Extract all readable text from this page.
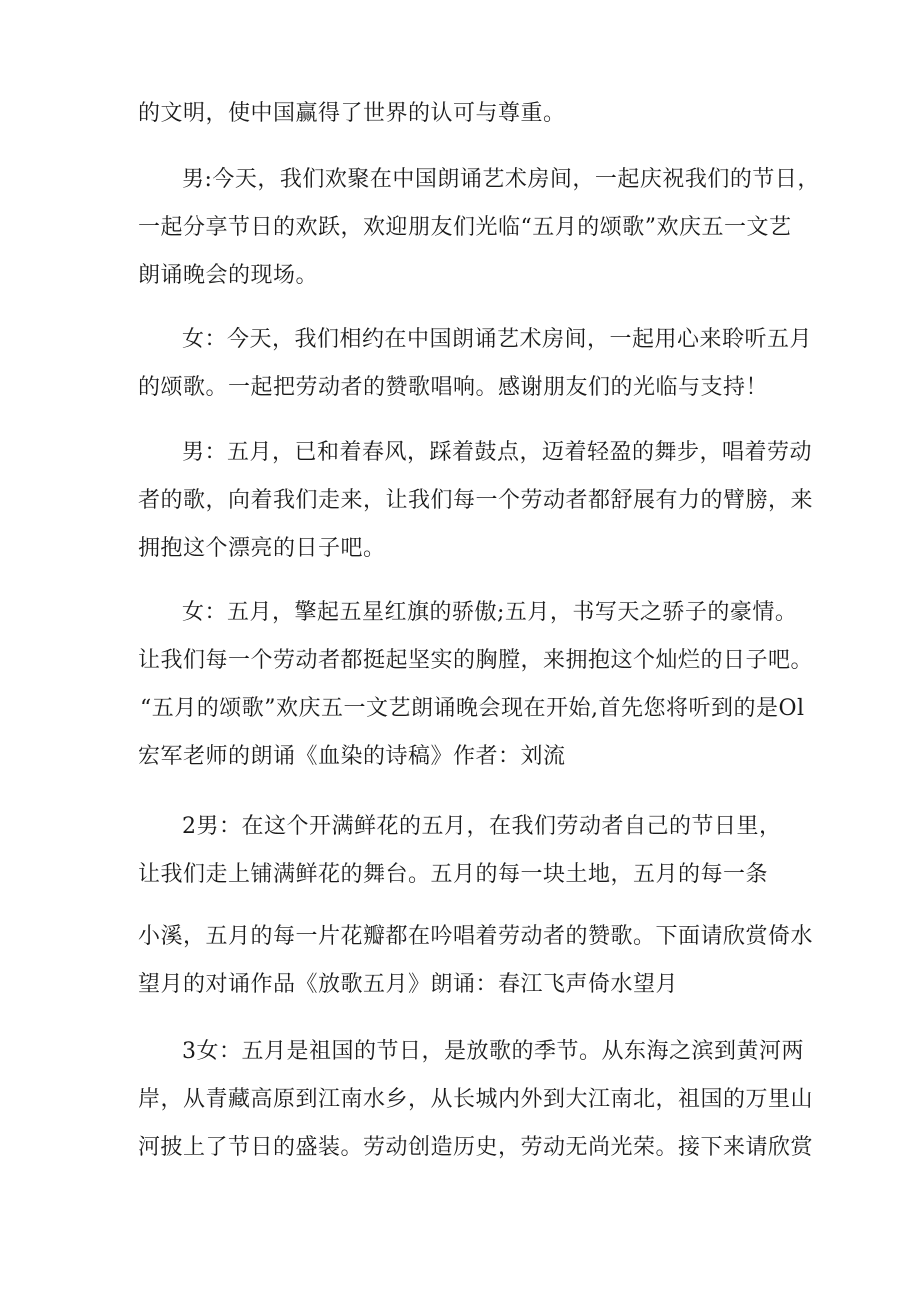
的文明，使中国赢得了世界的认可与尊重。
男:今天，我们欢聚在中国朗诵艺术房间，一起庆祝我们的节日，
一起分享节日的欢跃，欢迎朋友们光临“五月的颂歌”欢庆五一文艺
朗诵晚会的现场。
女：今天，我们相约在中国朗诵艺术房间，一起用心来聆听五月
的颂歌。一起把劳动者的赞歌唱响。感谢朋友们的光临与支持！
男：五月，已和着春风，踩着鼓点，迈着轻盈的舞步，唱着劳动
者的歌，向着我们走来，让我们每一个劳动者都舒展有力的臂膀，来
拥抱这个漂亮的日子吧。
女：五月，擎起五星红旗的骄傲;五月，书写天之骄子的豪情。
让我们每一个劳动者都挺起坚实的胸膛，来拥抱这个灿烂的日子吧。
“五月的颂歌”欢庆五一文艺朗诵晚会现在开始,首先您将听到的是Ol
宏军老师的朗诵《血染的诗稿》作者：刘流
2男：在这个开满鲜花的五月，在我们劳动者自己的节日里，
让我们走上铺满鲜花的舞台。五月的每一块土地，五月的每一条
小溪，五月的每一片花瓣都在吟唱着劳动者的赞歌。下面请欣赏倚水
望月的对诵作品《放歌五月》朗诵：春江飞声倚水望月
3女：五月是祖国的节日，是放歌的季节。从东海之滨到黄河两
岸，从青藏高原到江南水乡，从长城内外到大江南北，祖国的万里山
河披上了节日的盛装。劳动创造历史，劳动无尚光荣。接下来请欣赏
